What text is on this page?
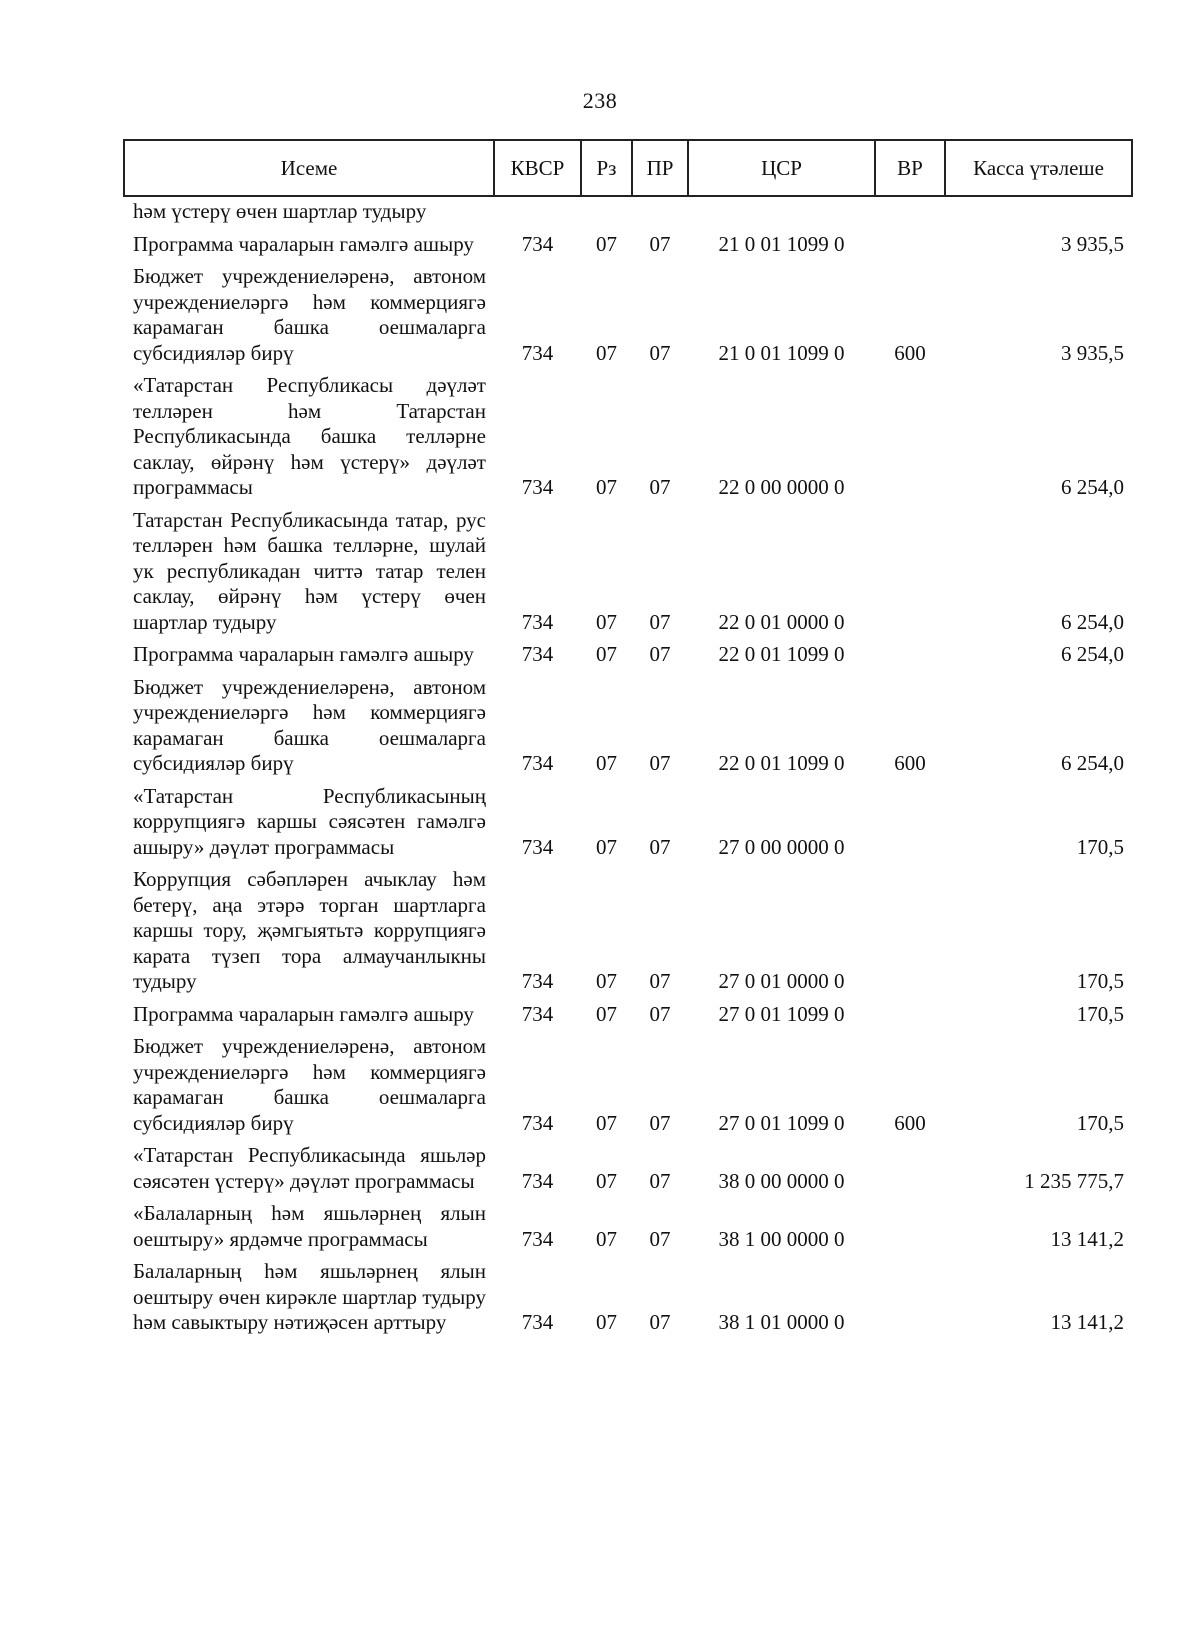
238
Исеме	КВСР	Рз	ПР	ЦСР	ВР	Касса үтәлеше
һәм үстерү өчен шартлар тудыру						
Программа чараларын гамәлгә ашыру	734	07	07	21 0 01 1099 0		3 935,5
Бюджет учреждениеләренә, автоном учреждениеләргә һәм коммерциягә карамаган башка оешмаларга субсидияләр бирү	734	07	07	21 0 01 1099 0	600	3 935,5
«Татарстан Республикасы дәүләт телләрен һәм Татарстан Республикасында башка телләрне саклау, өйрәнү һәм үстерү» дәүләт программасы	734	07	07	22 0 00 0000 0		6 254,0
Татарстан Республикасында татар, рус телләрен һәм башка телләрне, шулай ук республикадан читтә татар телен саклау, өйрәнү һәм үстерү өчен шартлар тудыру	734	07	07	22 0 01 0000 0		6 254,0
Программа чараларын гамәлгә ашыру	734	07	07	22 0 01 1099 0		6 254,0
Бюджет учреждениеләренә, автоном учреждениеләргә һәм коммерциягә карамаган башка оешмаларга субсидияләр бирү	734	07	07	22 0 01 1099 0	600	6 254,0
«Татарстан Республикасының коррупциягә каршы сәясәтен гамәлгә ашыру» дәүләт программасы	734	07	07	27 0 00 0000 0		170,5
Коррупция сәбәпләрен ачыклау һәм бетерү, аңа этәрә торган шартларга каршы тору, җәмгыятьтә коррупциягә карата түзеп тора алмаучанлыкны тудыру	734	07	07	27 0 01 0000 0		170,5
Программа чараларын гамәлгә ашыру	734	07	07	27 0 01 1099 0		170,5
Бюджет учреждениеләренә, автоном учреждениеләргә һәм коммерциягә карамаган башка оешмаларга субсидияләр бирү	734	07	07	27 0 01 1099 0	600	170,5
«Татарстан Республикасында яшьләр сәясәтен үстерү» дәүләт программасы	734	07	07	38 0 00 0000 0		1 235 775,7
«Балаларның һәм яшьләрнең ялын оештыру» ярдәмче программасы	734	07	07	38 1 00 0000 0		13 141,2
Балаларның һәм яшьләрнең ялын оештыру өчен кирәкле шартлар тудыру һәм савыктыру нәтиҗәсен арттыру	734	07	07	38 1 01 0000 0		13 141,2
